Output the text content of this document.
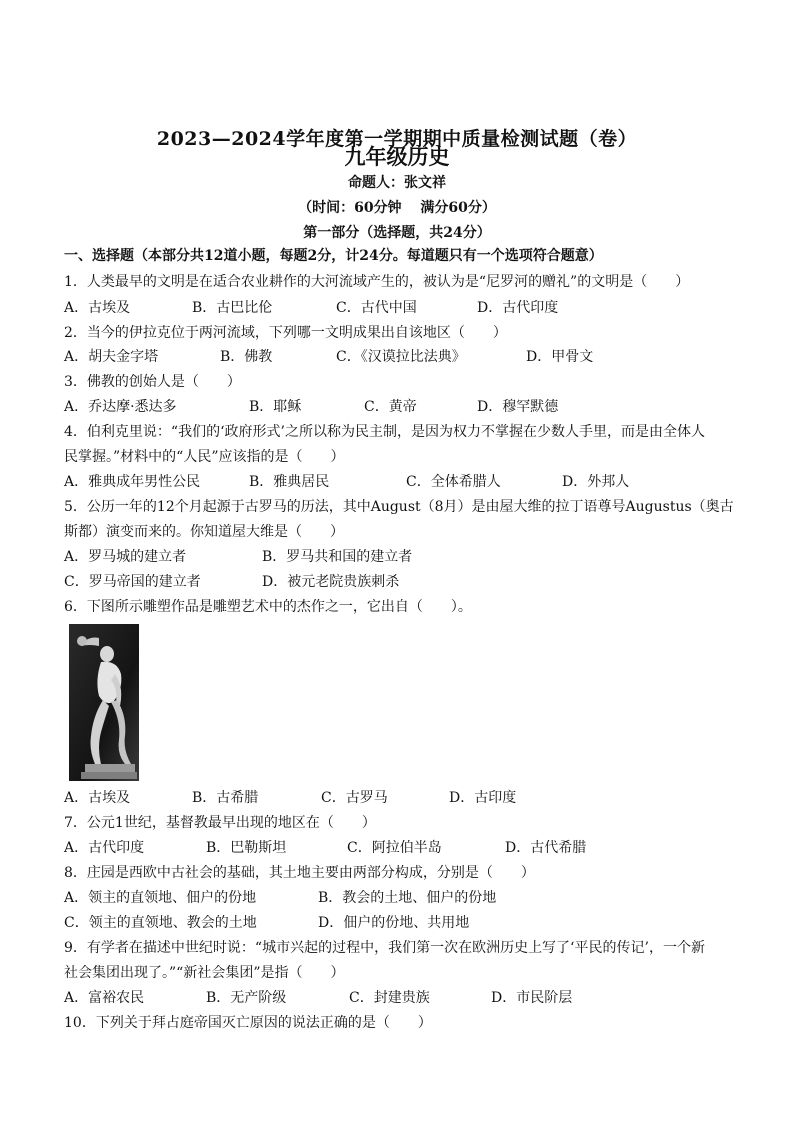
2023—2024学年度第一学期期中质量检测试题（卷）
九年级历史
命题人：张文祥
（时间：60分钟　 满分60分）
第一部分（选择题，共24分）
一、选择题（本部分共12道小题，每题2分，计24分。每道题只有一个选项符合题意）
1．人类最早的文明是在适合农业耕作的大河流域产生的，被认为是“尼罗河的赠礼”的文明是（　　）
A．古埃及	B．古巴比伦	C．古代中国	D．古代印度
2．当今的伊拉克位于两河流域，下列哪一文明成果出自该地区（　　）
A．胡夫金字塔	B．佛教	C．《汉谟拉比法典》	D．甲骨文
3．佛教的创始人是（　　）
A．乔达摩·悉达多	B．耶稣	C．黄帝	D．穆罕默德
4．伯利克里说：“我们的‘政府形式’之所以称为民主制，是因为权力不掌握在少数人手里，而是由全体人
民掌握。”材料中的“人民”应该指的是（　　）
A．雅典成年男性公民	B．雅典居民	C．全体希腊人	D．外邦人
5．公历一年的12个月起源于古罗马的历法，其中August（8月）是由屋大维的拉丁语尊号Augustus（奥古
斯都）演变而来的。你知道屋大维是（　　）
A．罗马城的建立者	B．罗马共和国的建立者
C．罗马帝国的建立者	D．被元老院贵族刺杀
6．下图所示雕塑作品是雕塑艺术中的杰作之一，它出自（　　）。
A．古埃及	B．古希腊	C．古罗马	D．古印度
7．公元1世纪，基督教最早出现的地区在（　　）
A．古代印度	B．巴勒斯坦	C．阿拉伯半岛	D．古代希腊
8．庄园是西欧中古社会的基础，其土地主要由两部分构成，分别是（　　）
A．领主的直领地、佃户的份地	B．教会的土地、佃户的份地
C．领主的直领地、教会的土地	D．佃户的份地、共用地
9．有学者在描述中世纪时说：“城市兴起的过程中，我们第一次在欧洲历史上写了‘平民的传记’，一个新
社会集团出现了。”“新社会集团”是指（　　）
A．富裕农民	B．无产阶级	C．封建贵族	D．市民阶层
10．下列关于拜占庭帝国灭亡原因的说法正确的是（　　）
